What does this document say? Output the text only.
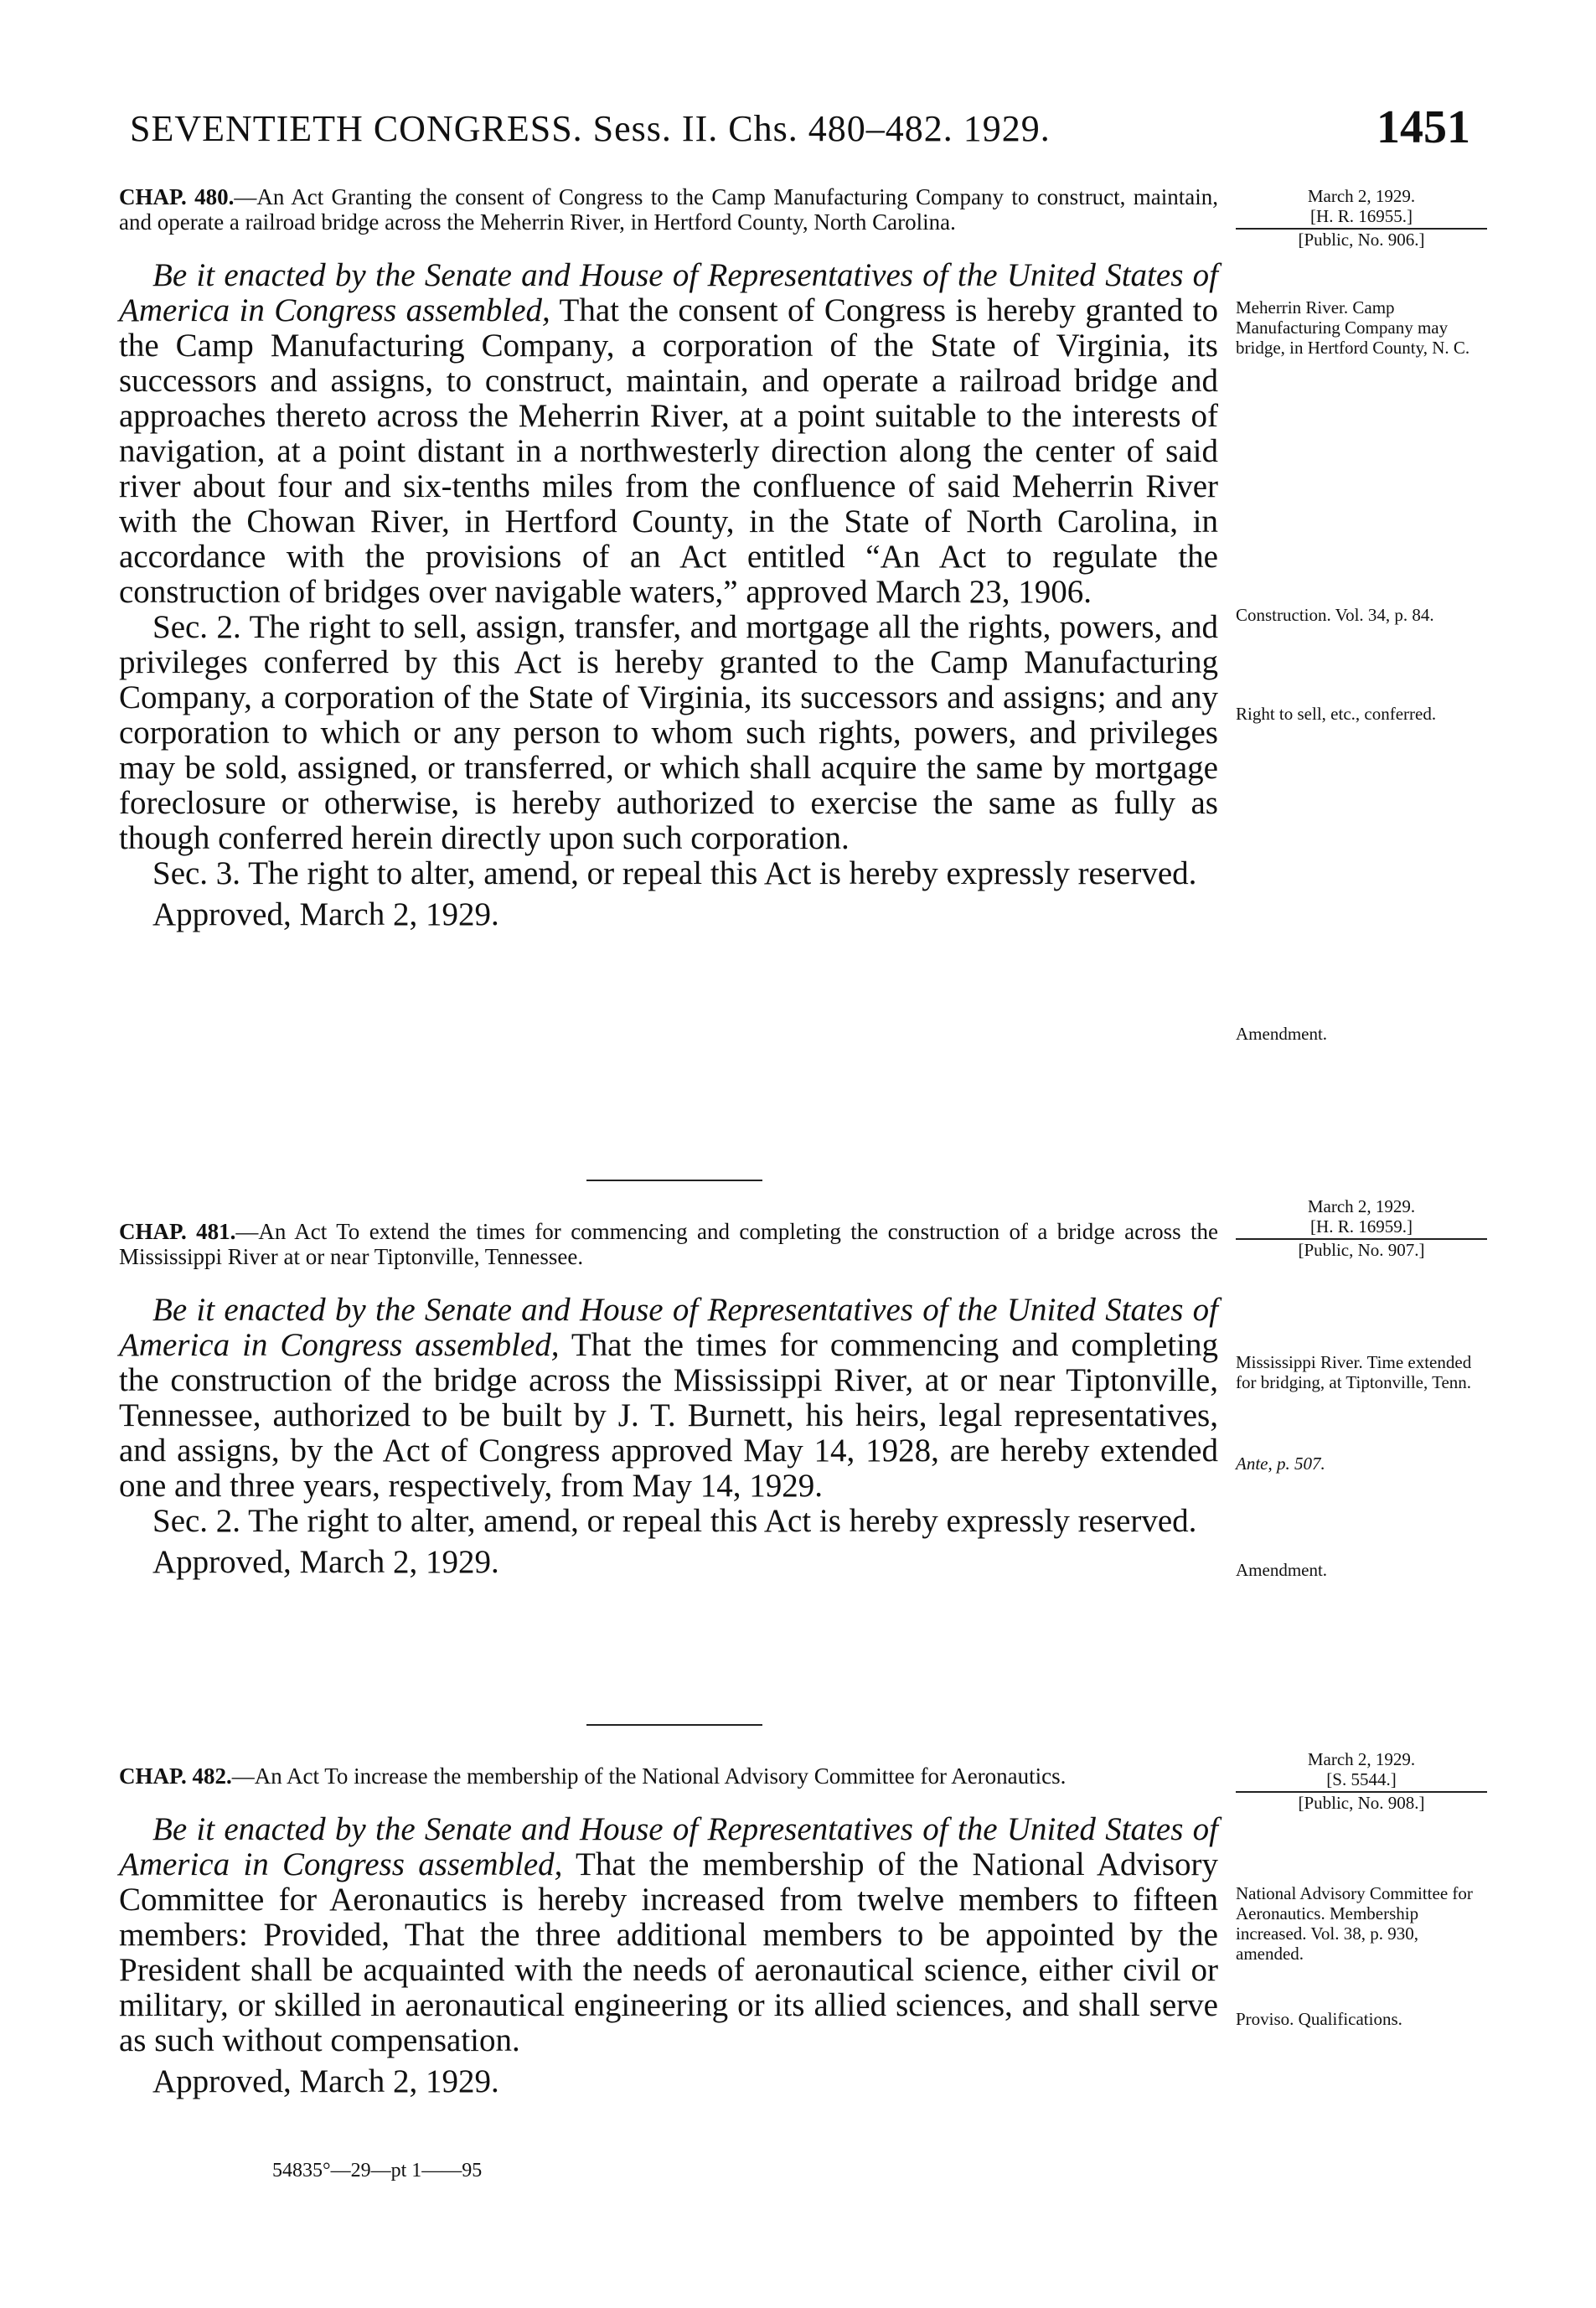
SEVENTIETH CONGRESS. Sess. II. Chs. 480–482. 1929.	1451
CHAP. 480.—An Act Granting the consent of Congress to the Camp Manufacturing Company to construct, maintain, and operate a railroad bridge across the Meherrin River, in Hertford County, North Carolina.

Be it enacted by the Senate and House of Representatives of the United States of America in Congress assembled, That the consent of Congress is hereby granted to the Camp Manufacturing Company, a corporation of the State of Virginia, its successors and assigns, to construct, maintain, and operate a railroad bridge and approaches thereto across the Meherrin River, at a point suitable to the interests of navigation, at a point distant in a northwesterly direction along the center of said river about four and six-tenths miles from the confluence of said Meherrin River with the Chowan River, in Hertford County, in the State of North Carolina, in accordance with the provisions of an Act entitled “An Act to regulate the construction of bridges over navigable waters,” approved March 23, 1906.

Sec. 2. The right to sell, assign, transfer, and mortgage all the rights, powers, and privileges conferred by this Act is hereby granted to the Camp Manufacturing Company, a corporation of the State of Virginia, its successors and assigns; and any corporation to which or any person to whom such rights, powers, and privileges may be sold, assigned, or transferred, or which shall acquire the same by mortgage foreclosure or otherwise, is hereby authorized to exercise the same as fully as though conferred herein directly upon such corporation.

Sec. 3. The right to alter, amend, or repeal this Act is hereby expressly reserved.

Approved, March 2, 1929.
March 2, 1929.

[H. R. 16955.]
[Public, No. 906.]
Meherrin River. Camp Manufacturing Company may bridge, in Hertford County, N. C.
Construction. Vol. 34, p. 84.
Right to sell, etc., conferred.
Amendment.
CHAP. 481.—An Act To extend the times for commencing and completing the construction of a bridge across the Mississippi River at or near Tiptonville, Tennessee.

Be it enacted by the Senate and House of Representatives of the United States of America in Congress assembled, That the times for commencing and completing the construction of the bridge across the Mississippi River, at or near Tiptonville, Tennessee, authorized to be built by J. T. Burnett, his heirs, legal representatives, and assigns, by the Act of Congress approved May 14, 1928, are hereby extended one and three years, respectively, from May 14, 1929.

Sec. 2. The right to alter, amend, or repeal this Act is hereby expressly reserved.

Approved, March 2, 1929.
March 2, 1929.

[H. R. 16959.]
[Public, No. 907.]
Mississippi River. Time extended for bridging, at Tiptonville, Tenn.
Ante, p. 507.
Amendment.
CHAP. 482.—An Act To increase the membership of the National Advisory Committee for Aeronautics.

Be it enacted by the Senate and House of Representatives of the United States of America in Congress assembled, That the membership of the National Advisory Committee for Aeronautics is hereby increased from twelve members to fifteen members: Provided, That the three additional members to be appointed by the President shall be acquainted with the needs of aeronautical science, either civil or military, or skilled in aeronautical engineering or its allied sciences, and shall serve as such without compensation.

Approved, March 2, 1929.
March 2, 1929.

[S. 5544.]
[Public, No. 908.]
National Advisory Committee for Aeronautics. Membership increased. Vol. 38, p. 930, amended.
Proviso. Qualifications.
54835°—29—pt 1——95
